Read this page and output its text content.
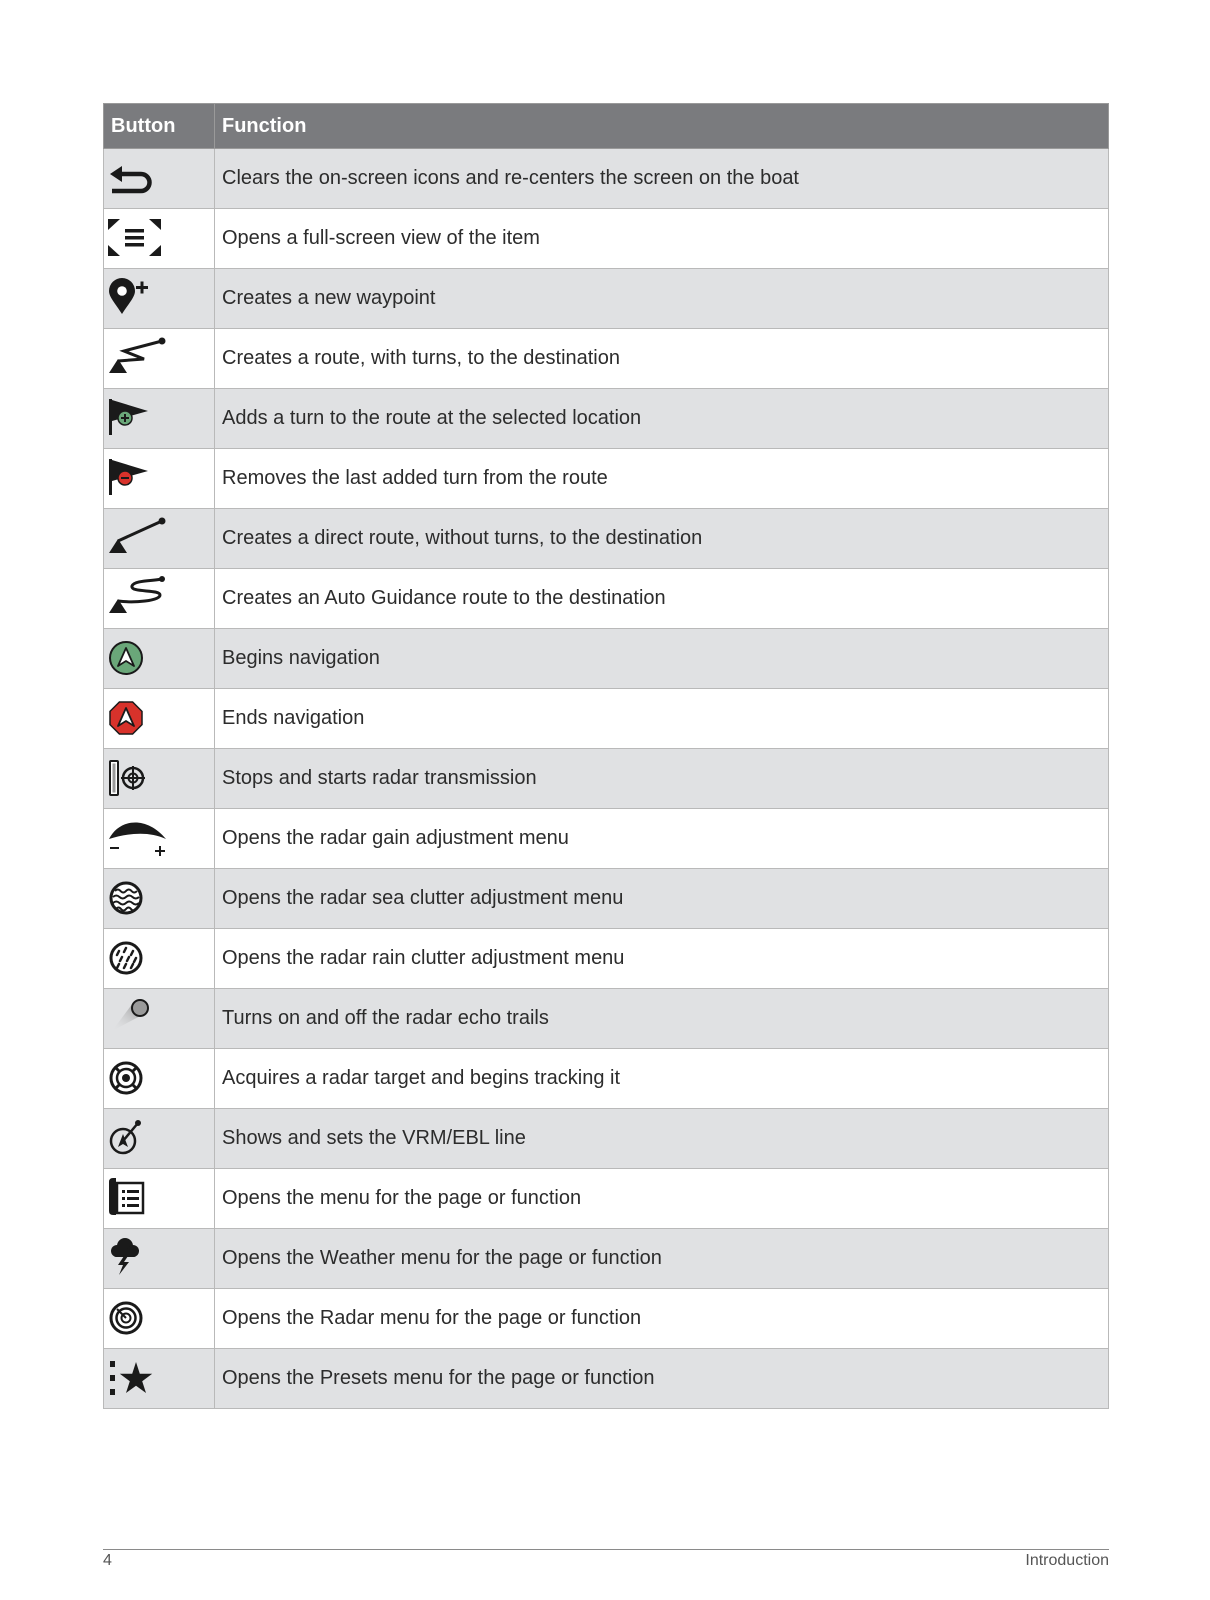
Button	Function

	Clears the on-screen icons and re-centers the screen on the boat

	Opens a full-screen view of the item

	Creates a new waypoint

	Creates a route, with turns, to the destination

	Adds a turn to the route at the selected location

	Removes the last added turn from the route

	Creates a direct route, without turns, to the destination

	Creates an Auto Guidance route to the destination

	Begins navigation

	Ends navigation

	Stops and starts radar transmission

	Opens the radar gain adjustment menu

	Opens the radar sea clutter adjustment menu

	Opens the radar rain clutter adjustment menu

	Turns on and off the radar echo trails

	Acquires a radar target and begins tracking it

	Shows and sets the VRM/EBL line

	Opens the menu for the page or function

	Opens the Weather menu for the page or function

	Opens the Radar menu for the page or function

	Opens the Presets menu for the page or function
4	Introduction
